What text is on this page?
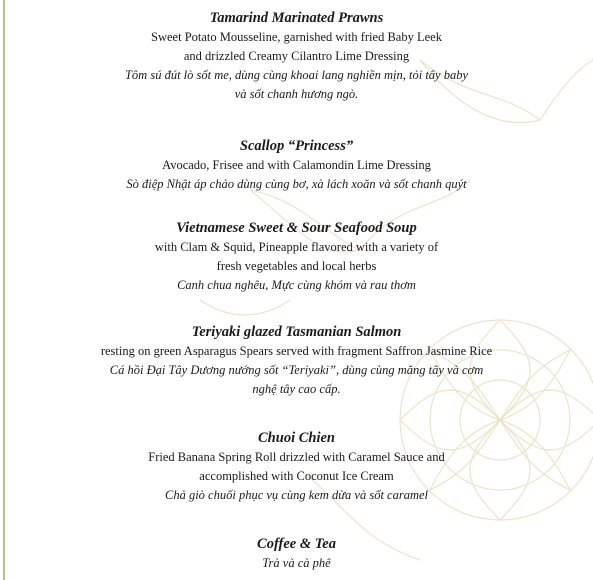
Tamarind Marinated Prawns
Sweet Potato Mousseline, garnished with fried Baby Leek
and drizzled Creamy Cilantro Lime Dressing
Tôm sú đút lò sốt me, dùng cùng khoai lang nghiền mịn, tỏi tây baby
và sốt chanh hương ngò.
Scallop “Princess”
Avocado, Frisee and with Calamondin Lime Dressing
Sò điệp Nhật áp chảo dùng cùng bơ, xà lách xoăn và sốt chanh quýt
Vietnamese Sweet & Sour Seafood Soup
with Clam & Squid, Pineapple flavored with a variety of
fresh vegetables and local herbs
Canh chua nghêu, Mực cùng khóm và rau thơm
Teriyaki glazed Tasmanian Salmon
resting on green Asparagus Spears served with fragment Saffron Jasmine Rice
Cá hồi Đại Tây Dương nướng sốt “Teriyaki”, dùng cùng măng tây và cơm
nghệ tây cao cấp.
Chuoi Chien
Fried Banana Spring Roll drizzled with Caramel Sauce and
accomplished with Coconut Ice Cream
Chả giò chuối phục vụ cùng kem dừa và sốt caramel
Coffee & Tea
Trà và cà phê
